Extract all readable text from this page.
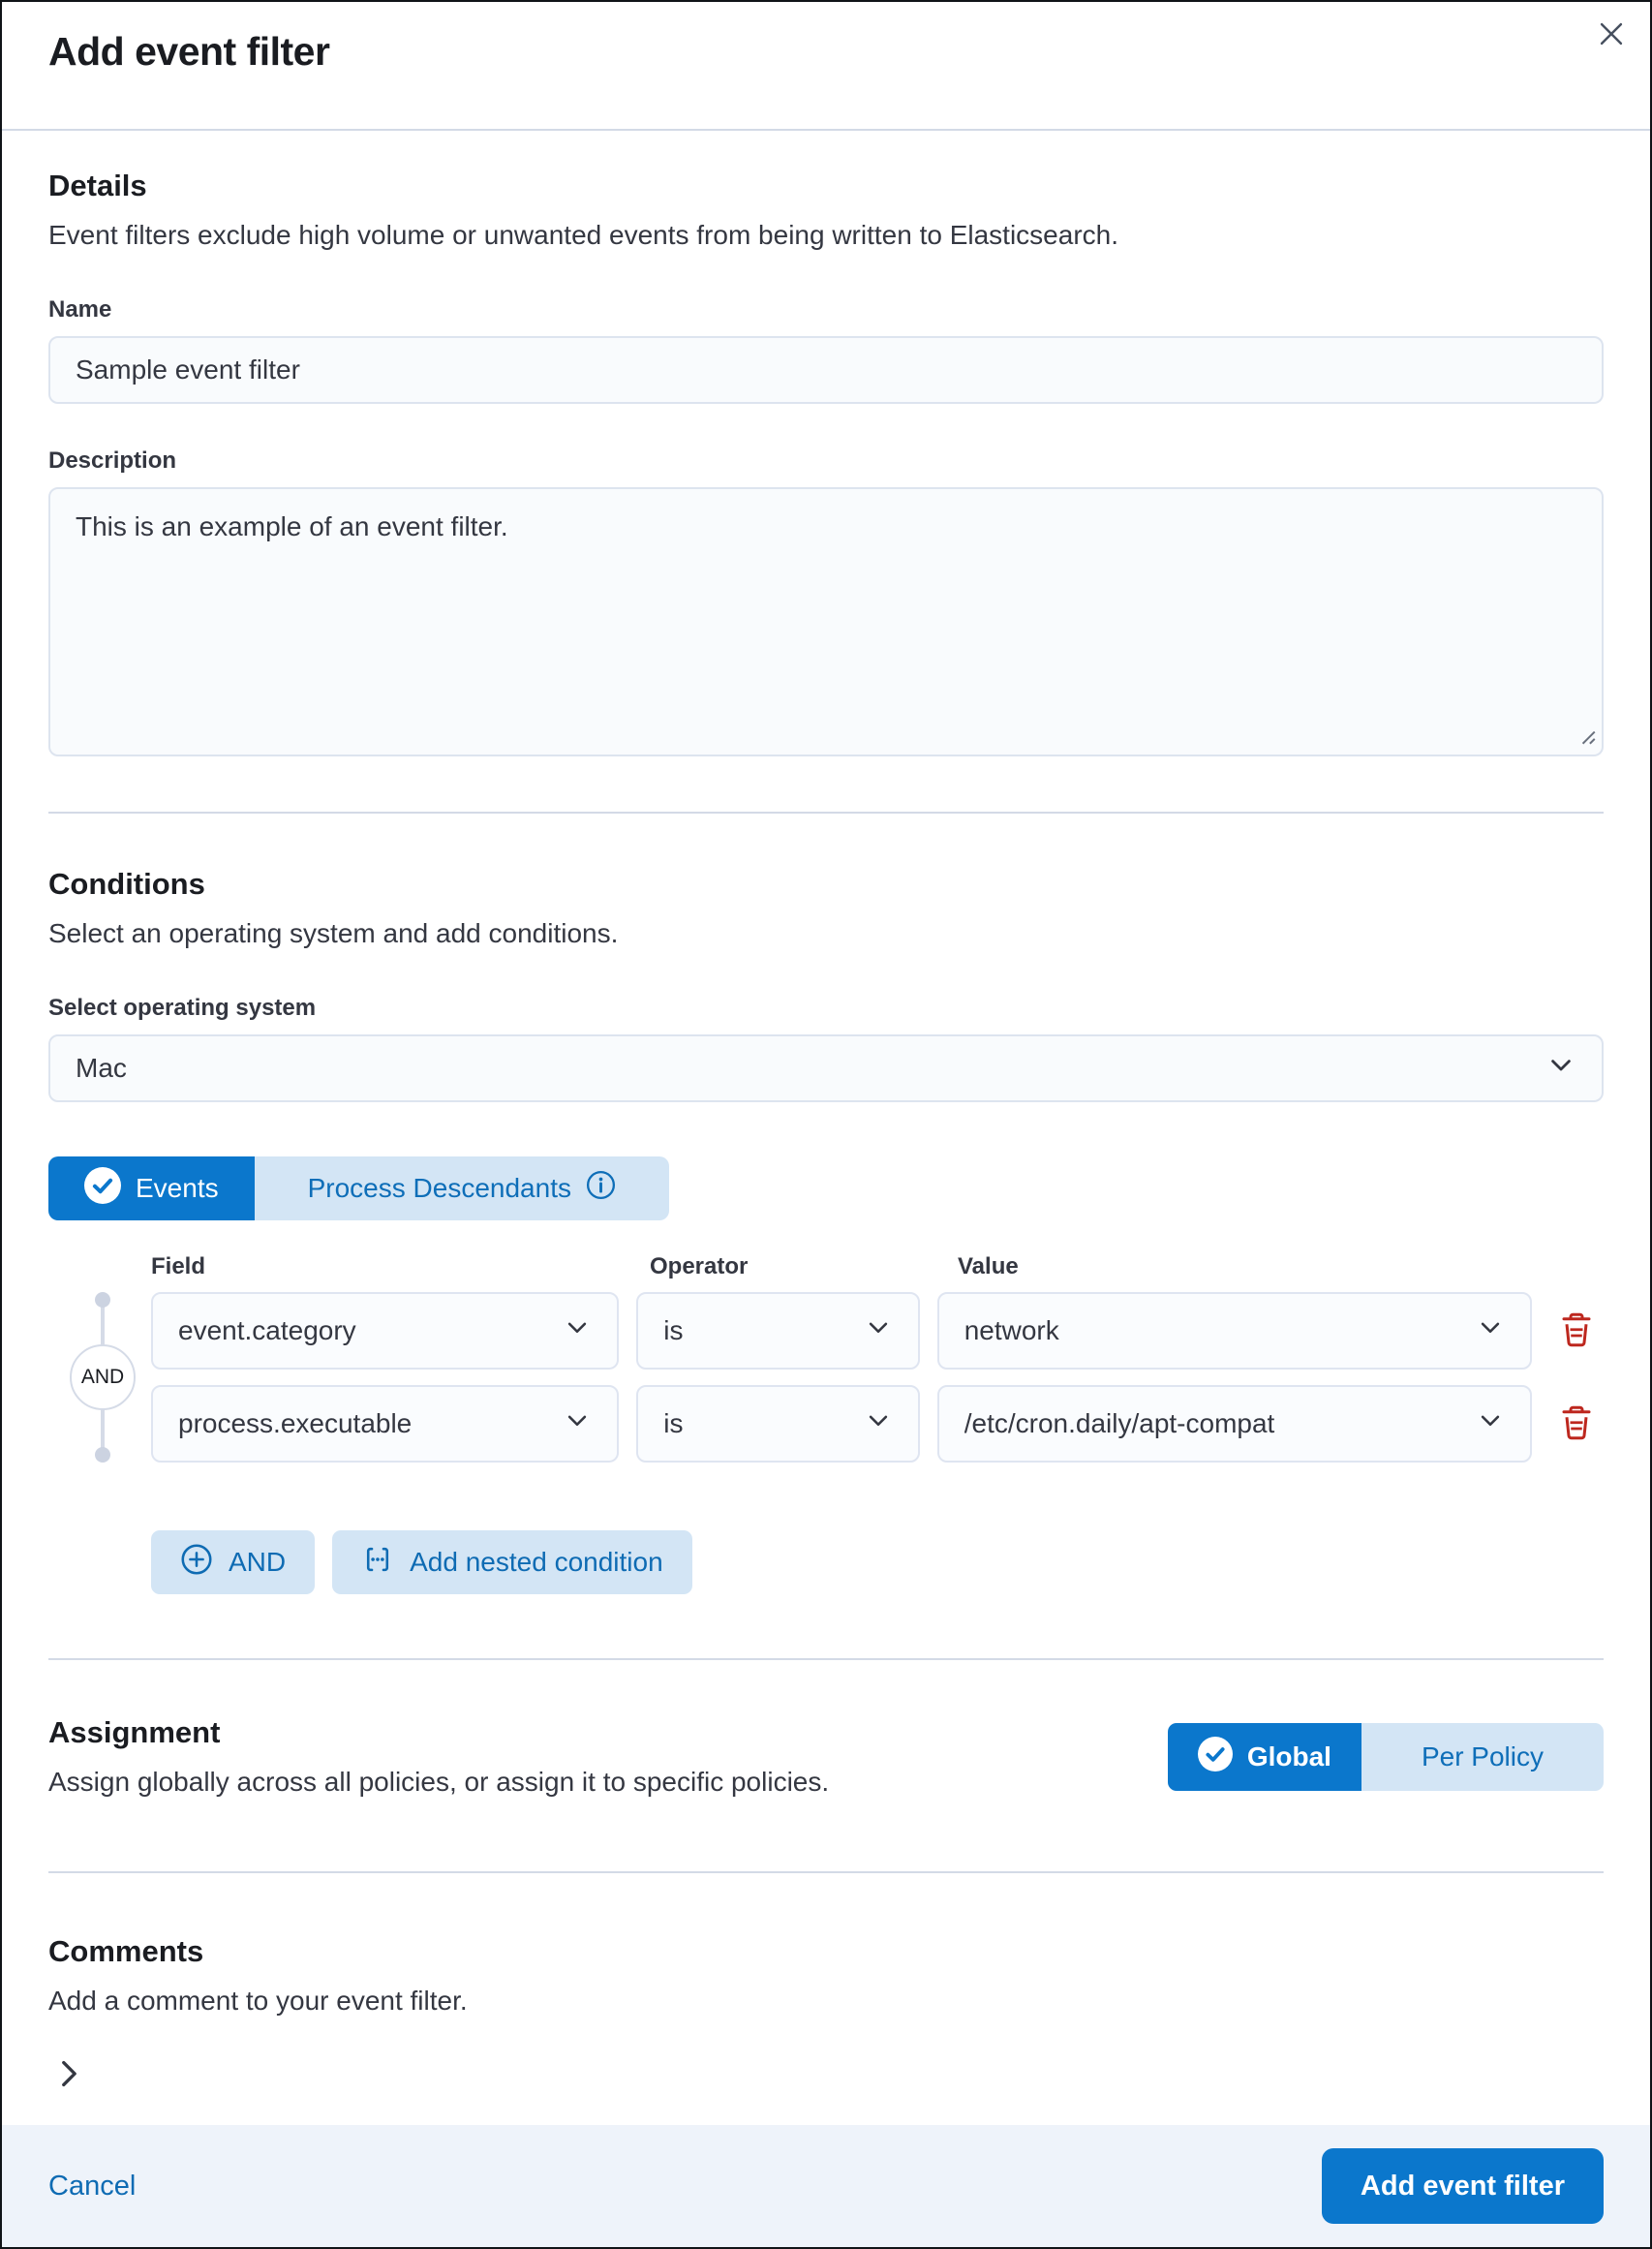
Add event filter
Details

Event filters exclude high volume or unwanted events from being written to Elasticsearch.

Name
Sample event filter
Description
This is an example of an event filter.
Conditions

Select an operating system and add conditions.

Select operating system
Mac
Events	Process Descendants
Field	Operator	Value
AND
event.category	is	network
process.executable	is	/etc/cron.daily/apt-compat
AND	Add nested condition
Assignment

Assign globally across all policies, or assign it to specific policies.

Global	Per Policy
Comments

Add a comment to your event filter.

Cancel	Add event filter
